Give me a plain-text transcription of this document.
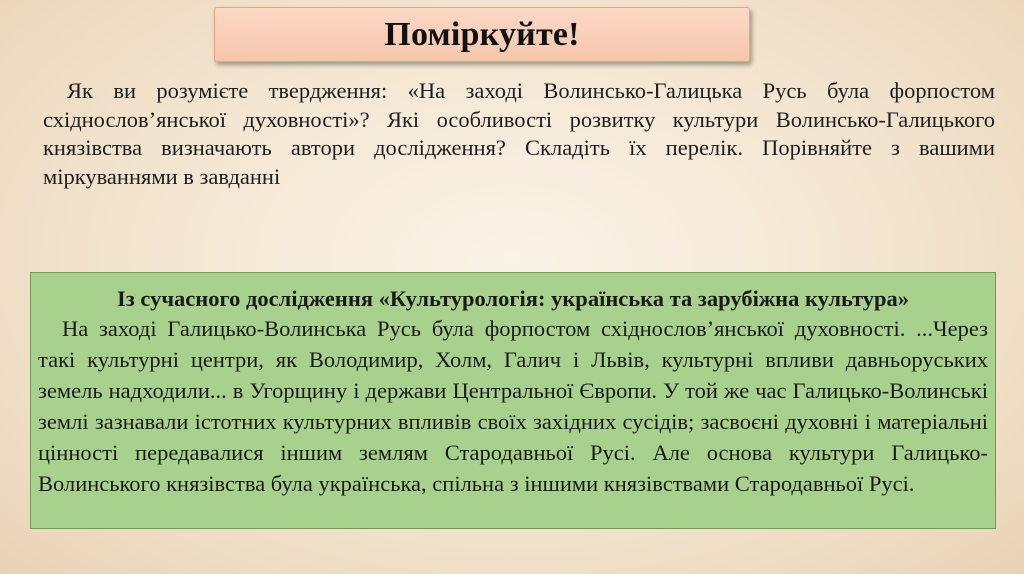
Поміркуйте!

Як ви розумієте твердження: «На заході Волинсько-Галицька Русь була форпостом східнослов’янської духовності»? Які особливості розвитку культури Волинсько-Галицького князівства визначають автори дослідження? Складіть їх перелік. Порівняйте з вашими міркуваннями в завданні

Із сучасного дослідження «Культурологія: українська та зарубіжна культура»

На заході Галицько-Волинська Русь була форпостом східнослов’янської духовності. ...Через такі культурні центри, як Володимир, Холм, Галич і Львів, культурні впливи давньоруських земель надходили... в Угорщину і держави Центральної Європи. У той же час Галицько-Волинські землі зазнавали істотних культурних впливів своїх західних сусідів; засвоєні духовні і матеріальні цінності передавалися іншим землям Стародавньої Русі. Але основа культури Галицько-Волинського князівства була українська, спільна з іншими князівствами Стародавньої Русі.
